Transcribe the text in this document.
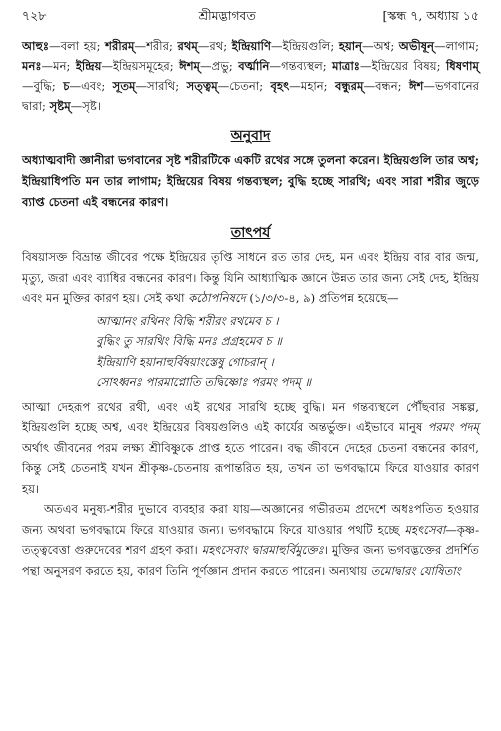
৭২৮	শ্রীমদ্ভাগবত	[স্কন্ধ ৭, অধ্যায় ১৫
আহুঃ—বলা হয়; শরীরম্—শরীর; রথম্—রথ; ইন্দ্রিয়াণি—ইন্দ্রিয়গুলি; হয়ান্—অশ্ব; অভীষূন্—লাগাম; মনঃ—মন; ইন্দ্রিয়—ইন্দ্রিয়সমূহের; ঈশম্—প্রভু; বর্ত্মানি—গন্তব্যস্থল; মাত্রাঃ—ইন্দ্রিয়ের বিষয়; ধিষণাম্—বুদ্ধি; চ—এবং; সূতম্—সারথি; সত্ত্বম্—চেতনা; বৃহৎ—মহান; বন্ধুরম্—বন্ধন; ঈশ—ভগবানের দ্বারা; সৃষ্টম্—সৃষ্ট।
অনুবাদ
অধ্যাত্মবাদী জ্ঞানীরা ভগবানের সৃষ্ট শরীরটিকে একটি রথের সঙ্গে তুলনা করেন। ইন্দ্রিয়গুলি তার অশ্ব; ইন্দ্রিয়াধিপতি মন তার লাগাম; ইন্দ্রিয়ের বিষয় গন্তব্যস্থল; বুদ্ধি হচ্ছে সারথি; এবং সারা শরীর জুড়ে ব্যাপ্ত চেতনা এই বন্ধনের কারণ।
তাৎপর্য

বিষয়াসক্ত বিভ্রান্ত জীবের পক্ষে ইন্দ্রিয়ের তৃপ্তি সাধনে রত তার দেহ, মন এবং ইন্দ্রিয় বার বার জন্ম, মৃত্যু, জরা এবং ব্যাধির বন্ধনের কারণ। কিন্তু যিনি আধ্যাত্মিক জ্ঞানে উন্নত তার জন্য সেই দেহ, ইন্দ্রিয় এবং মন মুক্তির কারণ হয়। সেই কথা কঠোপনিষদে (১/৩/৩-৪, ৯) প্রতিপন্ন হয়েছে—

আত্মানং রথিনং বিদ্ধি শরীরং রথমেব চ ।
বুদ্ধিং তু সারথিং বিদ্ধি মনঃ প্রগ্রহমেব চ ॥
ইন্দ্রিয়াণি হয়ানাহুর্বিষয়াংস্তেষু গোচরান্ ।
সোঽধ্বনঃ পারমাপ্নোতি তদ্বিষ্ণোঃ পরমং পদম্ ॥

আত্মা দেহরূপ রথের রথী, এবং এই রথের সারথি হচ্ছে বুদ্ধি। মন গন্তব্যস্থলে পৌঁছবার সঙ্কল্প, ইন্দ্রিয়গুলি হচ্ছে অশ্ব, এবং ইন্দ্রিয়ের বিষয়গুলিও এই কার্যের অন্তর্ভুক্ত। এইভাবে মানুষ পরমং পদম্ অর্থাৎ জীবনের পরম লক্ষ্য শ্রীবিষ্ণুকে প্রাপ্ত হতে পারেন। বদ্ধ জীবনে দেহের চেতনা বন্ধনের কারণ, কিন্তু সেই চেতনাই যখন শ্রীকৃষ্ণ-চেতনায় রূপান্তরিত হয়, তখন তা ভগবদ্ধামে ফিরে যাওয়ার কারণ হয়।

অতএব মনুষ্য-শরীর দুভাবে ব্যবহার করা যায়—অজ্ঞানের গভীরতম প্রদেশে অধঃপতিত হওয়ার জন্য অথবা ভগবদ্ধামে ফিরে যাওয়ার জন্য। ভগবদ্ধামে ফিরে যাওয়ার পথটি হচ্ছে মহৎসেবা—কৃষ্ণ-তত্ত্ববেত্তা গুরুদেবের শরণ গ্রহণ করা। মহৎসেবাং দ্বারমাহুর্বিমুক্তেঃ। মুক্তির জন্য ভগবদ্ভক্তের প্রদর্শিত পন্থা অনুসরণ করতে হয়, কারণ তিনি পূর্ণজ্ঞান প্রদান করতে পারেন। অন্যথায় তমোদ্বারং যোষিতাং
